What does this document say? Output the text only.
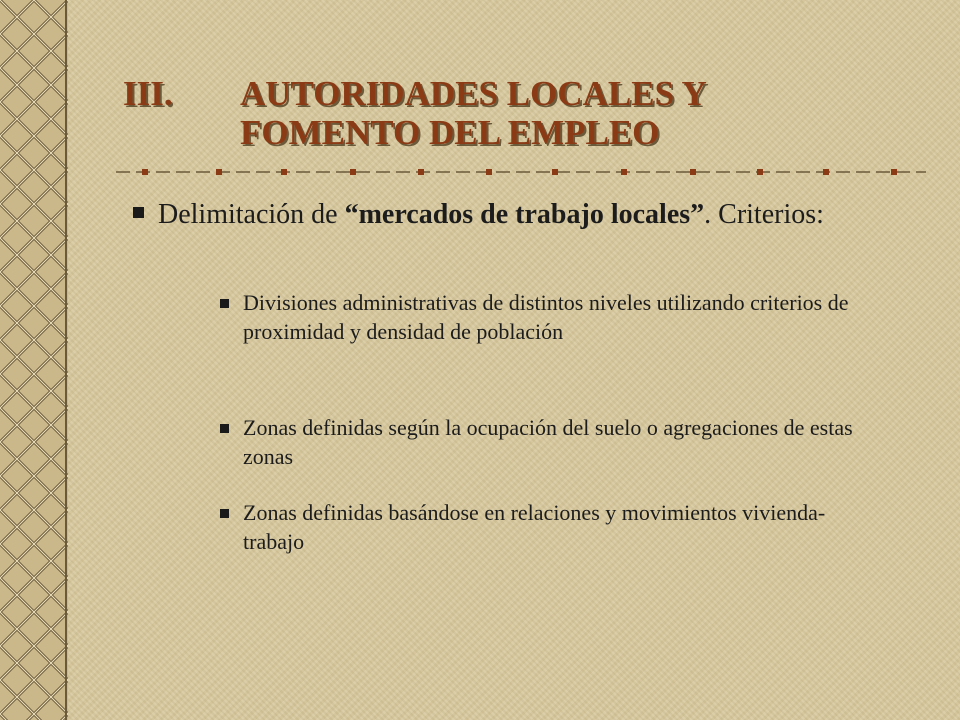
III. AUTORIDADES LOCALES Y
FOMENTO DEL EMPLEO
Delimitación de “mercados de trabajo locales”. Criterios:
Divisiones administrativas de distintos niveles utilizando criterios de proximidad y densidad de población
Zonas definidas según la ocupación del suelo o agregaciones de estas zonas
Zonas definidas basándose en relaciones y movimientos vivienda-trabajo
